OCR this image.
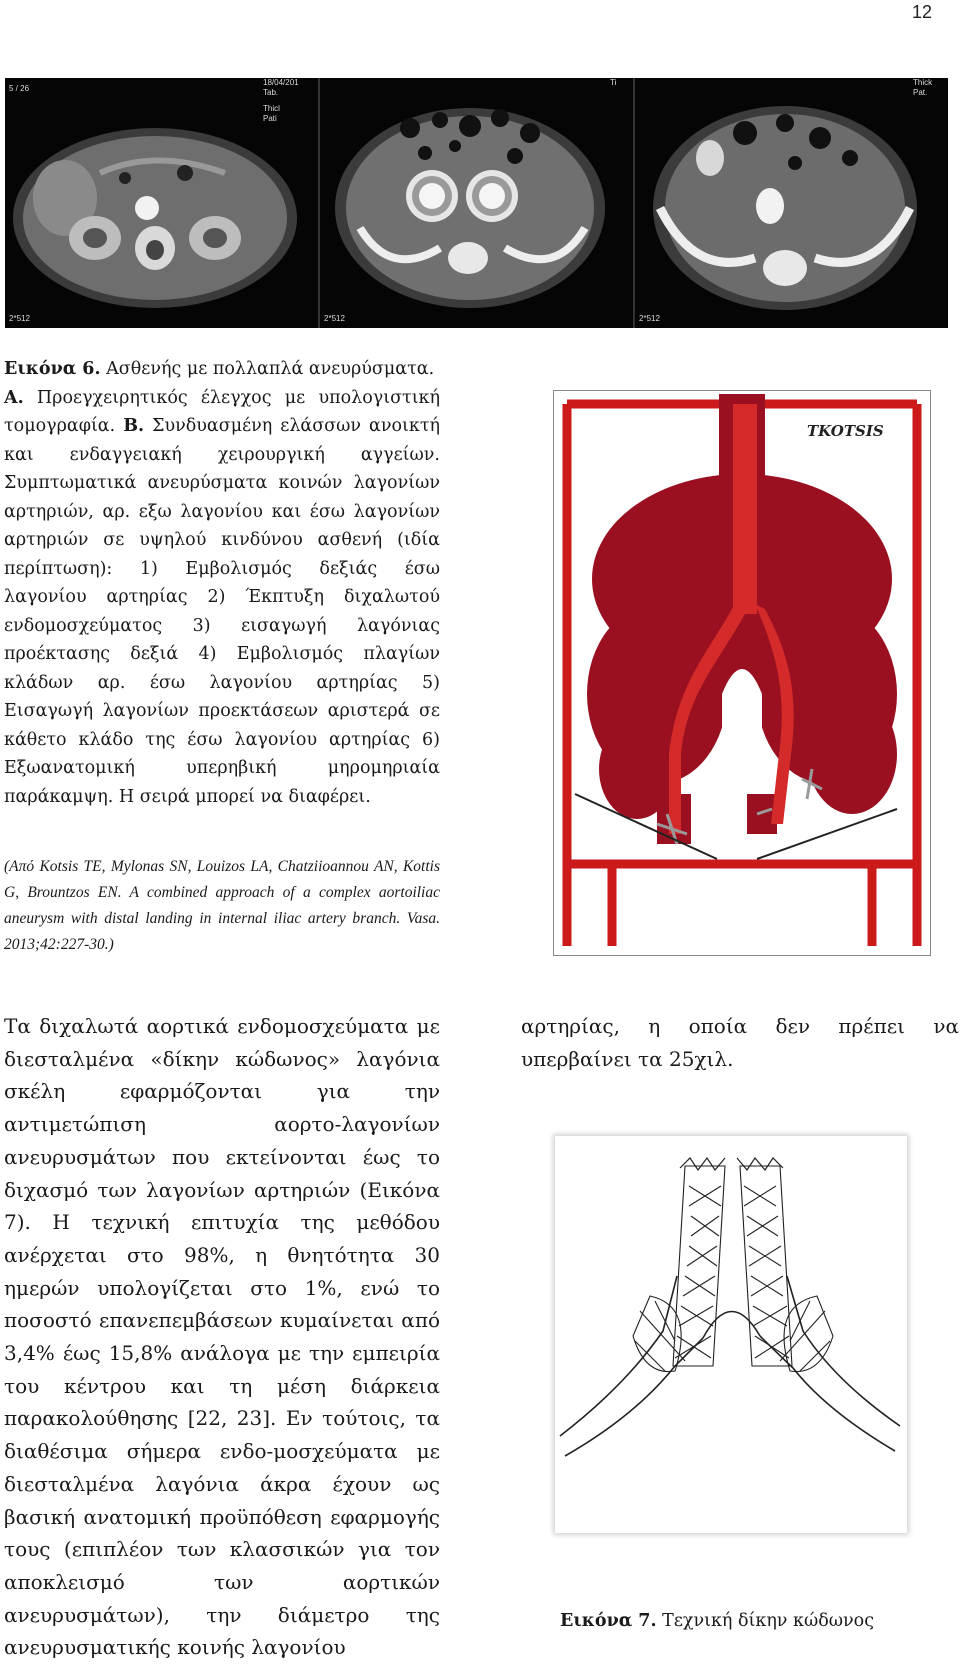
12
5 / 26
2*512
18/04/201
Tab.
Thicl
Pati
2*512
Ti
2*512
Thick
Pat.
Εικόνα 6. Ασθενής με πολλαπλά ανευρύσματα.
Α. Προεγχειρητικός έλεγχος με υπολογιστική τομογραφία. Β. Συνδυασμένη ελάσσων ανοικτή και ενδαγγειακή χειρουργική αγγείων. Συμπτωματικά ανευρύσματα κοινών λαγονίων αρτηριών, αρ. εξω λαγονίου και έσω λαγονίων αρτηριών σε υψηλού κινδύνου ασθενή (ιδία περίπτωση): 1) Εμβολισμός δεξιάς έσω λαγονίου αρτηρίας 2) Έκπτυξη διχαλωτού ενδομοσχεύματος 3) εισαγωγή λαγόνιας προέκτασης δεξιά 4) Εμβολισμός πλαγίων κλάδων αρ. έσω λαγονίου αρτηρίας 5) Εισαγωγή λαγονίων προεκτάσεων αριστερά σε κάθετο κλάδο της έσω λαγονίου αρτηρίας 6) Εξωανατομική υπερηβική μηρομηριαία παράκαμψη. Η σειρά μπορεί να διαφέρει.
(Από Kotsis TE, Mylonas SN, Louizos LA, Chatziioannou AN, Kottis G, Brountzos EN. A combined approach of a complex aortoiliac aneurysm with distal landing in internal iliac artery branch. Vasa. 2013;42:227-30.)
TKOTSIS
Τα διχαλωτά αορτικά ενδομοσχεύματα με διεσταλμένα «δίκην κώδωνος» λαγόνια σκέλη εφαρμόζονται για την αντιμετώπιση αορτο-λαγονίων ανευρυσμάτων που εκτείνονται έως το διχασμό των λαγονίων αρτηριών (Εικόνα 7). Η τεχνική επιτυχία της μεθόδου ανέρχεται στο 98%, η θνητότητα 30 ημερών υπολογίζεται στο 1%, ενώ το ποσοστό επανεπεμβάσεων κυμαίνεται από 3,4% έως 15,8% ανάλογα με την εμπειρία του κέντρου και τη μέση διάρκεια παρακολούθησης [22, 23]. Εν τούτοις, τα διαθέσιμα σήμερα ενδο-μοσχεύματα με διεσταλμένα λαγόνια άκρα έχουν ως βασική ανατομική προϋπόθεση εφαρμογής τους (επιπλέον των κλασσικών για τον αποκλεισμό των αορτικών ανευρυσμάτων), την διάμετρο της ανευρυσματικής κοινής λαγονίου
αρτηρίας, η οποία δεν πρέπει να υπερβαίνει τα 25χιλ.
Εικόνα 7. Τεχνική δίκην κώδωνος
